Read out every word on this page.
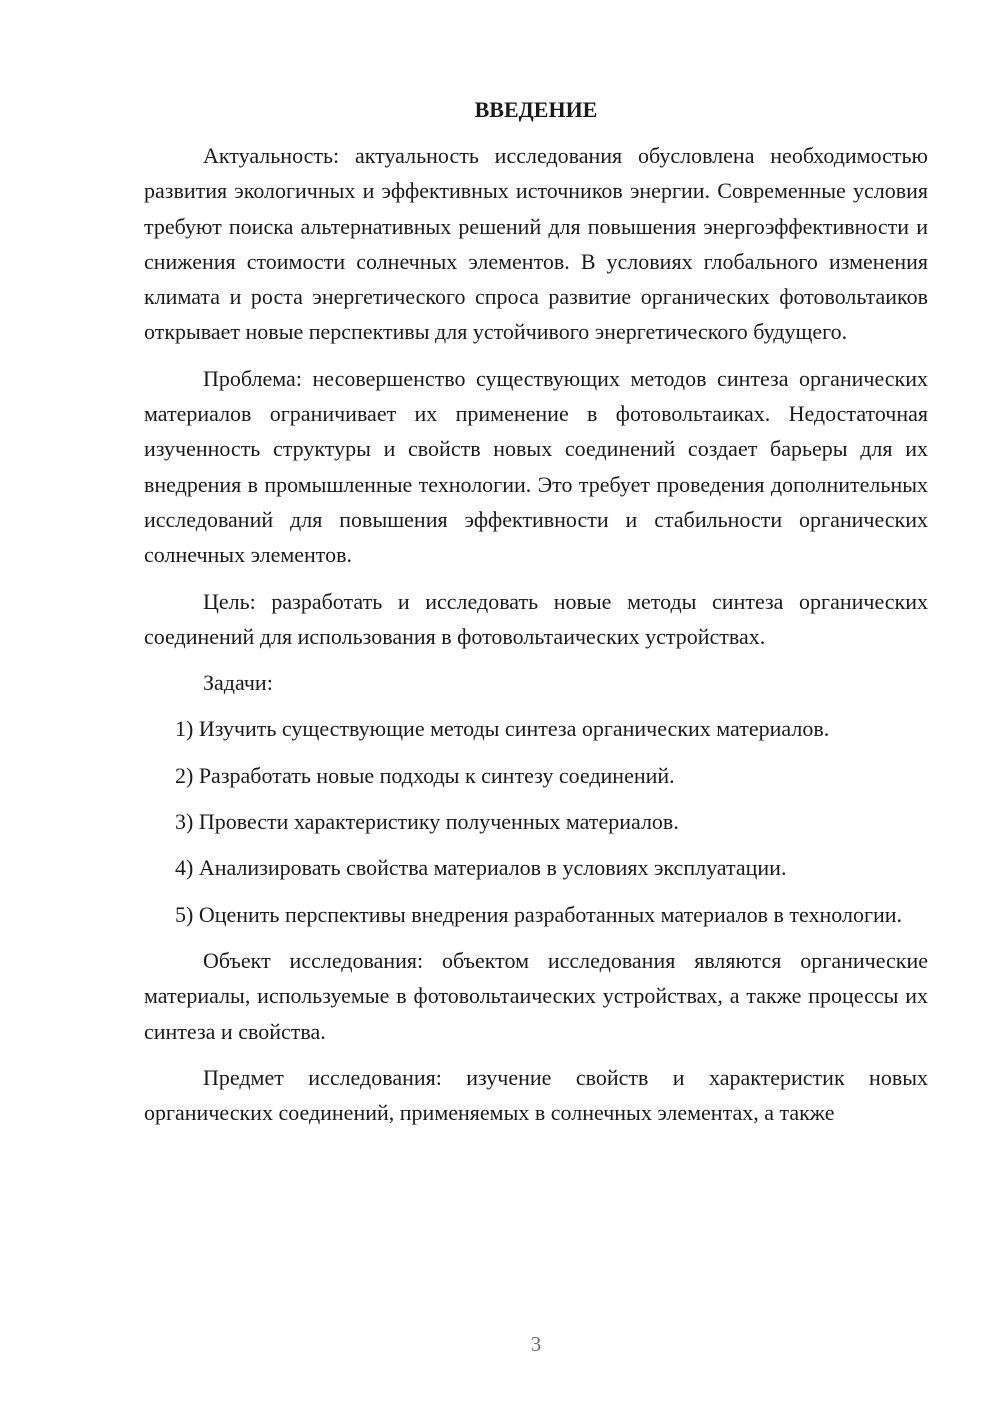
ВВЕДЕНИЕ

Актуальность: актуальность исследования обусловлена необходимостью развития экологичных и эффективных источников энергии. Современные условия требуют поиска альтернативных решений для повышения энергоэффективности и снижения стоимости солнечных элементов. В условиях глобального изменения климата и роста энергетического спроса развитие органических фотовольтаиков открывает новые перспективы для устойчивого энергетического будущего.

Проблема: несовершенство существующих методов синтеза органических материалов ограничивает их применение в фотовольтаиках. Недостаточная изученность структуры и свойств новых соединений создает барьеры для их внедрения в промышленные технологии. Это требует проведения дополнительных исследований для повышения эффективности и стабильности органических солнечных элементов.

Цель: разработать и исследовать новые методы синтеза органических соединений для использования в фотовольтаических устройствах.

Задачи:

1) Изучить существующие методы синтеза органических материалов.

2) Разработать новые подходы к синтезу соединений.

3) Провести характеристику полученных материалов.

4) Анализировать свойства материалов в условиях эксплуатации.

5) Оценить перспективы внедрения разработанных материалов в технологии.

Объект исследования: объектом исследования являются органические материалы, используемые в фотовольтаических устройствах, а также процессы их синтеза и свойства.

Предмет исследования: изучение свойств и характеристик новых органических соединений, применяемых в солнечных элементах, а также

3
